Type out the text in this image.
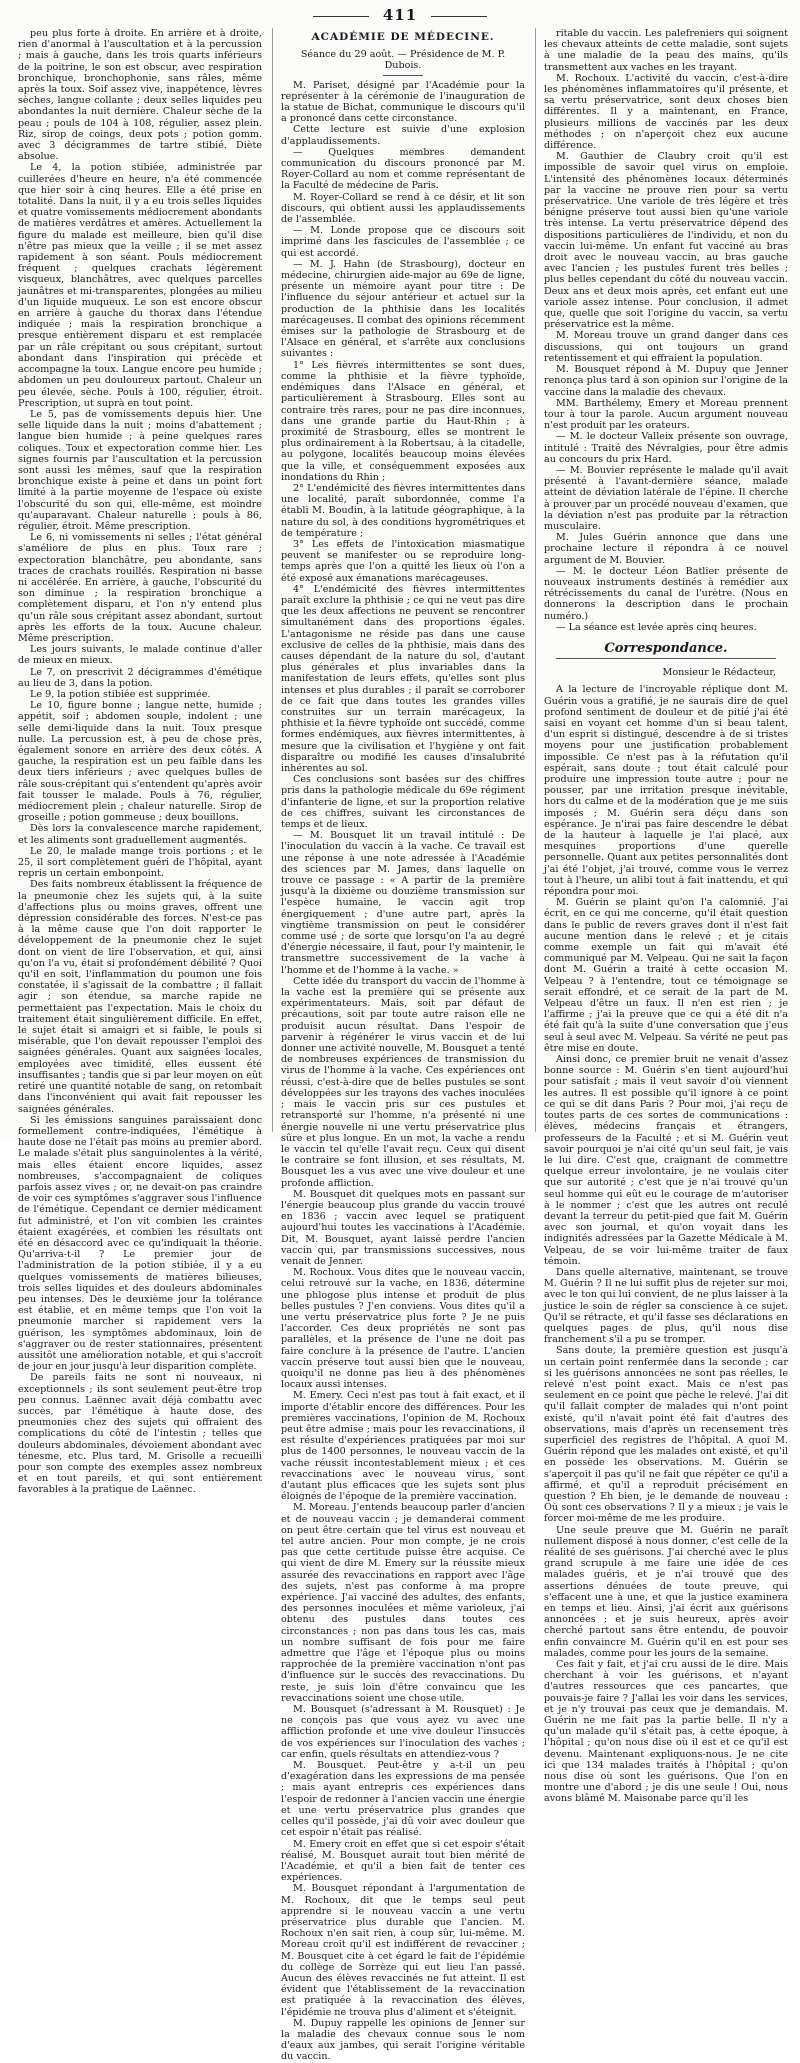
411

peu plus forte à droite. En arrière et à droite, rien d'anormal à l'auscultation et à la percussion ; mais à gauche, dans les trois quarts inférieurs de la poitrine, le son est obscur, avec respiration bronchique, bronchophonie, sans râles, même après la toux. Soif assez vive, inappétence, lèvres sèches, langue collante ; deux selles liquides peu abondantes la nuit dernière. Chaleur sèche de la peau ; pouls de 104 à 108, régulier, assez plein. Riz, sirop de coings, deux pots ; potion gomm. avec 3 décigrammes de tartre stibié. Diète absolue.

Le 4, la potion stibiée, administrée par cuillerées d'heure en heure, n'a été commencée que hier soir à cinq heures. Elle a été prise en totalité. Dans la nuit, il y a eu trois selles liquides et quatre vomissements médiocrement abondants de matières verdâtres et amères. Actuellement la figure du malade est meilleure, bien qu'il dise n'être pas mieux que la veille ; il se met assez rapidement à son séant. Pouls médiocrement fréquent ; quelques crachats légèrement visqueux, blanchâtres, avec quelques parcelles jaunâtres et mi-transparentes, plongées au milieu d'un liquide muqueux. Le son est encore obscur en arrière à gauche du thorax dans l'étendue indiquée ; mais la respiration bronchique a presque entièrement disparu et est remplacée par un râle crépitant ou sous crépitant, surtout abondant dans l'inspiration qui précède et accompagne la toux. Langue encore peu humide ; abdomen un peu douloureux partout. Chaleur un peu élevée, sèche. Pouls à 100, régulier, étroit. Prescription, ut suprà en tout point.

Le 5, pas de vomissements depuis hier. Une selle liquide dans la nuit ; moins d'abattement ; langue bien humide ; à peine quelques rares coliques. Toux et expectoration comme hier. Les signes fournis par l'auscultation et la percussion sont aussi les mêmes, sauf que la respiration bronchique existe à peine et dans un point fort limité à la partie moyenne de l'espace où existe l'obscurité du son qui, elle-même, est moindre qu'auparavant. Chaleur naturelle ; pouls à 86, régulier, étroit. Même prescription.

Le 6, ni vomissements ni selles ; l'état général s'améliore de plus en plus. Toux rare ; expectoration blanchâtre, peu abondante, sans traces de crachats rouillés. Respiration ni basse ni accélérée. En arrière, à gauche, l'obscurité du son diminue ; la respiration bronchique a complètement disparu, et l'on n'y entend plus qu'un râle sous crépitant assez abondant, surtout après les efforts de la toux. Aucune chaleur. Même prescription.

Les jours suivants, le malade continue d'aller de mieux en mieux.

Le 7, on prescrivit 2 décigrammes d'émétique au lieu de 3, dans la potion.

Le 9, la potion stibiée est supprimée.

Le 10, figure bonne ; langue nette, humide ; appétit, soif ; abdomen souple, indolent ; une selle demi-liquide dans la nuit. Toux presque nulle. La percussion est, à peu de chose près, également sonore en arrière des deux côtés. A gauche, la respiration est un peu faible dans les deux tiers inférieurs ; avec quelques bulles de râle sous-crépitant qui s'entendent qu'après avoir fait tousser le malade. Pouls à 76, régulier, médiocrement plein ; chaleur naturelle. Sirop de groseille ; potion gommeuse ; deux bouillons.

Dès lors la convalescence marche rapidement, et les aliments sont graduellement augmentés.

Le 20, le malade mange trois portions ; et le 25, il sort complètement guéri de l'hôpital, ayant repris un certain embonpoint.

Des faits nombreux établissent la fréquence de la pneumonie chez les sujets qui, à la suite d'affections plus ou moins graves, offrent une dépression considérable des forces. N'est-ce pas à la même cause que l'on doit rapporter le développement de la pneumonie chez le sujet dont on vient de lire l'observation, et qui, ainsi qu'on l'a vu, était si profondément débilité ? Quoi qu'il en soit, l'inflammation du poumon une fois constatée, il s'agissait de la combattre ; il fallait agir ; son étendue, sa marche rapide ne permettaient pas l'expectation. Mais le choix du traitement était singulièrement difficile. En effet, le sujet était si amaigri et si faible, le pouls si misérable, que l'on devait repousser l'emploi des saignées générales. Quant aux saignées locales, employées avec timidité, elles eussent été insuffisantes ; tandis que si par leur moyen on eût retiré une quantité notable de sang, on retombait dans l'inconvénient qui avait fait repousser les saignées générales.

Si les émissions sanguines paraissaient donc formellement contre-indiquées, l'émétique à haute dose ne l'était pas moins au premier abord. Le malade s'était plus sanguinolentes à la vérité, mais elles étaient encore liquides, assez nombreuses, s'accompagnaient de coliques parfois assez vives ; or, ne devait-on pas craindre de voir ces symptômes s'aggraver sous l'influence de l'émétique. Cependant ce dernier médicament fut administré, et l'on vit combien les craintes étaient exagérées, et combien les résultats ont été en désaccord avec ce qu'indiquait la théorie. Qu'arriva-t-il ? Le premier jour de l'administration de la potion stibiée, il y a eu quelques vomissements de matières bilieuses, trois selles liquides et des douleurs abdominales peu intenses. Dès le deuxième jour la tolérance est établie, et en même temps que l'on voit la pneumonie marcher si rapidement vers la guérison, les symptômes abdominaux, loin de s'aggraver ou de rester stationnaires, présentent aussitôt une amélioration notable, et qui s'accroît de jour en jour jusqu'à leur disparition complète.

De pareils faits ne sont ni nouveaux, ni exceptionnels ; ils sont seulement peut-être trop peu connus. Laënnec avait déjà combattu avec succès, par l'émétique à haute dose, des pneumonies chez des sujets qui offraient des complications du côté de l'intestin ; telles que douleurs abdominales, dévoiement abondant avec ténesme, etc. Plus tard, M. Grisolle a recueilli pour son compte des exemples assez nombreux et en tout pareils, et qui sont entièrement favorables à la pratique de Laënnec.

ACADÉMIE DE MÉDECINE.
Séance du 29 août. — Présidence de M. P. Dubois.

M. Pariset, désigné par l'Académie pour la représenter à la cérémonie de l'inauguration de la statue de Bichat, communique le discours qu'il a prononcé dans cette circonstance.

Cette lecture est suivie d'une explosion d'applaudissements.

— Quelques membres demandent communication du discours prononcé par M. Royer-Collard au nom et comme représentant de la Faculté de médecine de Paris.

M. Royer-Collard se rend à ce désir, et lit son discours, qui obtient aussi les applaudissements de l'assemblée.

— M. Londe propose que ce discours soit imprimé dans les fascicules de l'assemblée ; ce qui est accordé.

— M. J. Hahn (de Strasbourg), docteur en médecine, chirurgien aide-major au 69e de ligne, présente un mémoire ayant pour titre : De l'influence du séjour antérieur et actuel sur la production de la phthisie dans les localités marécageuses. Il combat des opinions récemment émises sur la pathologie de Strasbourg et de l'Alsace en général, et s'arrête aux conclusions suivantes :

1° Les fièvres intermittentes se sont dues, comme la phthisie et la fièvre typhoïde, endémiques dans l'Alsace en général, et particulièrement à Strasbourg. Elles sont au contraire très rares, pour ne pas dire inconnues, dans une grande partie du Haut-Rhin ; à proximité de Strasbourg, elles se montrent le plus ordinairement à la Robertsau, à la citadelle, au polygone, localités beaucoup moins élevées que la ville, et conséquemment exposées aux inondations du Rhin ;

2° L'endémicité des fièvres intermittentes dans une localité, paraît subordonnée, comme l'a établi M. Boudin, à la latitude géographique, à la nature du sol, à des conditions hygrométriques et de température ;

3° Les effets de l'intoxication miasmatique peuvent se manifester ou se reproduire long-temps après que l'on a quitté les lieux où l'on a été exposé aux émanations marécageuses.

4° L'endémicité des fièvres intermittentes paraît exclure la phthisie ; ce qui ne veut pas dire que les deux affections ne peuvent se rencontrer simultanément dans des proportions égales. L'antagonisme ne réside pas dans une cause exclusive de celles de la phthisie, mais dans des causes dépendant de la nature du sol, d'autant plus générales et plus invariables dans la manifestation de leurs effets, qu'elles sont plus intenses et plus durables ; il paraît se corroborer de ce fait que dans toutes les grandes villes construites sur un terrain marécageux, la phthisie et la fièvre typhoïde ont succédé, comme formes endémiques, aux fièvres intermittentes, à mesure que la civilisation et l'hygiène y ont fait disparaître ou modifié les causes d'insalubrité inhérentes au sol.

Ces conclusions sont basées sur des chiffres pris dans la pathologie médicale du 69e régiment d'infanterie de ligne, et sur la proportion relative de ces chiffres, suivant les circonstances de temps et de lieux.

— M. Bousquet lit un travail intitulé : De l'inoculation du vaccin à la vache. Ce travail est une réponse à une note adressée à l'Académie des sciences par M. James, dans laquelle on trouve ce passage : « A partir de la première jusqu'à la dixième ou douzième transmission sur l'espèce humaine, le vaccin agit trop énergiquement ; d'une autre part, après la vingtième transmission on peut le considérer comme usé ; de sorte que lorsqu'on l'a au degré d'énergie nécessaire, il faut, pour l'y maintenir, le transmettre successivement de la vache à l'homme et de l'homme à la vache. »

Cette idée du transport du vaccin de l'homme à la vache est la première qui se présente aux expérimentateurs. Mais, soit par défaut de précautions, soit par toute autre raison elle ne produisit aucun résultat. Dans l'espoir de parvenir à régénérer le virus vaccin et de lui donner une activité nouvelle, M. Bousquet a tenté de nombreuses expériences de transmission du virus de l'homme à la vache. Ces expériences ont réussi, c'est-à-dire que de belles pustules se sont développées sur les trayons des vaches inoculées ; mais le vaccin pris sur ces pustules et retransporté sur l'homme, n'a présenté ni une énergie nouvelle ni une vertu préservatrice plus sûre et plus longue. En un mot, la vache a rendu le vaccin tel qu'elle l'avait reçu. Ceux qui disent le contraire se font illusion, et ses résultats, M. Bousquet les a vus avec une vive douleur et une profonde affliction.

M. Bousquet dit quelques mots en passant sur l'énergie beaucoup plus grande du vaccin trouvé en 1836 ; vaccin avec lequel se pratiquent aujourd'hui toutes les vaccinations à l'Académie. Dit, M. Bousquet, ayant laissé perdre l'ancien vaccin qui, par transmissions successives, nous venait de Jenner.

M. Rochoux. Vous dites que le nouveau vaccin, celui retrouvé sur la vache, en 1836, détermine une phlogose plus intense et produit de plus belles pustules ? J'en conviens. Vous dites qu'il a une vertu préservatrice plus forte ? Je ne puis l'accorder. Ces deux propriétés ne sont pas parallèles, et la présence de l'une ne doit pas faire conclure à la présence de l'autre. L'ancien vaccin préserve tout aussi bien que le nouveau, quoiqu'il ne donne pas lieu à des phénomènes locaux aussi intenses.

M. Emery. Ceci n'est pas tout à fait exact, et il importe d'établir encore des différences. Pour les premières vaccinations, l'opinion de M. Rochoux peut être admise ; mais pour les revaccinations, il est résulte d'expériences pratiquées par moi sur plus de 1400 personnes, le nouveau vaccin de la vache réussit incontestablement mieux ; et ces revaccinations avec le nouveau virus, sont d'autant plus efficaces que les sujets sont plus éloignés de l'époque de la première vaccination.

M. Moreau. J'entends beaucoup parler d'ancien et de nouveau vaccin ; je demanderai comment on peut être certain que tel virus est nouveau et tel autre ancien. Pour mon compte, je ne crois pas que cette certitude puisse être acquise. Ce qui vient de dire M. Emery sur la réussite mieux assurée des revaccinations en rapport avec l'âge des sujets, n'est pas conforme à ma propre expérience. J'ai vacciné des adultes, des enfants, des personnes inoculées et même varioleux, j'ai obtenu des pustules dans toutes ces circonstances ; non pas dans tous les cas, mais un nombre suffisant de fois pour me faire admettre que l'âge et l'époque plus ou moins rapprochée de la première vaccination n'ont pas d'influence sur le succès des revaccinations. Du reste, je suis loin d'être convaincu que les revaccinations soient une chose utile.

M. Bousquet (s'adressant à M. Rousquet) : Je ne conçois pas que vous ayez vu avec une affliction profonde et une vive douleur l'insuccès de vos expériences sur l'inoculation des vaches ; car enfin, quels résultats en attendiez-vous ?

M. Bousquet. Peut-être y a-t-il un peu d'exagération dans les expressions de ma pensée ; mais ayant entrepris ces expériences dans l'espoir de redonner à l'ancien vaccin une énergie et une vertu préservatrice plus grandes que celles qu'il possède, j'ai dû voir avec douleur que cet espoir n'était pas réalisé.

M. Emery croit en effet que si cet espoir s'était réalisé, M. Bousquet aurait tout bien mérité de l'Académie, et qu'il a bien fait de tenter ces expériences.

M. Bousquet répondant à l'argumentation de M. Rochoux, dit que le temps seul peut apprendre si le nouveau vaccin a une vertu préservatrice plus durable que l'ancien. M. Rochoux n'en sait rien, à coup sûr, lui-même. M. Moreau croit qu'il est indifférent de revacciner ; M. Bousquet cite à cet égard le fait de l'épidémie du collège de Sorrèze qui eut lieu l'an passé. Aucun des élèves revaccinés ne fut atteint. Il est évident que l'établissement de la revaccination est pratiquée à la revaccination des élèves, l'épidémie ne trouva plus d'aliment et s'éteignit.

M. Dupuy rappelle les opinions de Jenner sur la maladie des chevaux connue sous le nom d'eaux aux jambes, qui serait l'origine véritable du vaccin.

ritable du vaccin. Les palefreniers qui soignent les chevaux atteints de cette maladie, sont sujets à une maladie de la peau des mains, qu'ils transmettent aux vaches en les trayant.

M. Rochoux. L'activité du vaccin, c'est-à-dire les phénomènes inflammatoires qu'il présente, et sa vertu préservatrice, sont deux choses bien différentes. Il y a maintenant, en France, plusieurs millions de vaccinés par les deux méthodes ; on n'aperçoit chez eux aucune différence.

M. Gauthier de Claubry croit qu'il est impossible de savoir quel virus on emploie. L'intensité des phénomènes locaux déterminés par la vaccine ne prouve rien pour sa vertu préservatrice. Une variole de très légère et très bénigne préserve tout aussi bien qu'une variole très intense. La vertu préservatrice dépend des dispositions particulières de l'individu, et non du vaccin lui-même. Un enfant fut vacciné au bras droit avec le nouveau vaccin, au bras gauche avec l'ancien ; les pustules furent très belles ; plus belles cependant du côté du nouveau vaccin. Deux ans et deux mois après, cet enfant eut une variole assez intense. Pour conclusion, il admet que, quelle que soit l'origine du vaccin, sa vertu préservatrice est la même.

M. Moreau trouve un grand danger dans ces discussions, qui ont toujours un grand retentissement et qui effraient la population.

M. Bousquet répond à M. Dupuy que Jenner renonça plus tard à son opinion sur l'origine de la vaccine dans la maladie des chevaux.

MM. Barthélemy, Emery et Moreau prennent tour à tour la parole. Aucun argument nouveau n'est produit par les orateurs.

— M. le docteur Valleix présente son ouvrage, intitulé : Traité des Névralgies, pour être admis au concours du prix Hard.

— M. Bouvier représente le malade qu'il avait présenté à l'avant-dernière séance, malade atteint de déviation latérale de l'épine. Il cherche à prouver par un procédé nouveau d'examen, que la déviation n'est pas produite par la rétraction musculaire.

M. Jules Guérin annonce que dans une prochaine lecture il répondra à ce nouvel argument de M. Bouvier.

— M. le docteur Léon Batlier présente de nouveaux instruments destinés à remédier aux rétrécissements du canal de l'urètre. (Nous en donnerons la description dans le prochain numéro.)

— La séance est levée après cinq heures.

Correspondance.
Monsieur le Rédacteur,

A la lecture de l'incroyable réplique dont M. Guérin vous a gratifié, je ne saurais dire de quel profond sentiment de douleur et de pitié j'ai été saisi en voyant cet homme d'un si beau talent, d'un esprit si distingué, descendre à de si tristes moyens pour une justification probablement impossible. Ce n'est pas à la réfutation qu'il espérait, sans doute ; tout était calculé pour produire une impression toute autre ; pour ne pousser, par une irritation presque inévitable, hors du calme et de la modération que je me suis imposés ; M. Guérin sera déçu dans son espérance. Je n'irai pas faire descendre le débat de la hauteur à laquelle je l'ai placé, aux mesquines proportions d'une querelle personnelle. Quant aux petites personnalités dont j'ai été l'objet, j'ai trouvé, comme vous le verrez tout à l'heure, un alibi tout à fait inattendu, et qui répondra pour moi.

M. Guérin se plaint qu'on l'a calomnié. J'ai écrit, en ce qui me concerne, qu'il était question dans le public de revers graves dont il n'est fait aucune mention dans le relevé ; et je citais comme exemple un fait qui m'avait été communiqué par M. Velpeau. Qui ne sait la façon dont M. Guérin a traité à cette occasion M. Velpeau ? à l'entendre, tout ce témoignage se serait effondré, et ce serait de la part de M. Velpeau d'être un faux. Il n'en est rien ; je l'affirme ; j'ai la preuve que ce qui a été dit n'a été fait qu'à la suite d'une conversation que j'eus seul à seul avec M. Velpeau. Sa vérité ne peut pas être mise en doute.

Ainsi donc, ce premier bruit ne venait d'assez bonne source : M. Guérin s'en tient aujourd'hui pour satisfait ; mais il veut savoir d'où viennent les autres. Il est possible qu'il ignore à ce point ce qui se dit dans Paris ? Pour moi, j'ai reçu de toutes parts de ces sortes de communications : élèves, médecins français et étrangers, professeurs de la Faculté ; et si M. Guérin veut savoir pourquoi je n'ai cité qu'un seul fait, je vais le lui dire. C'est que, craignant de commettre quelque erreur involontaire, je ne voulais citer que sur autorité ; c'est que je n'ai trouvé qu'un seul homme qui eût eu le courage de m'autoriser à le nommer ; c'est que les autres ont reculé devant la terreur du petit-pied que fait M. Guérin avec son journal, et qu'on voyait dans les indignités adressées par la Gazette Médicale à M. Velpeau, de se voir lui-même traiter de faux témoin.

Dans quelle alternative, maintenant, se trouve M. Guérin ? Il ne lui suffit plus de rejeter sur moi, avec le ton qui lui convient, de ne plus laisser à la justice le soin de régler sa conscience à ce sujet. Qu'il se rétracte, et qu'il fasse ses déclarations en quelques pages de plus, qu'il nous dise franchement s'il a pu se tromper.

Sans doute, la première question est jusqu'à un certain point renfermée dans la seconde ; car si les guérisons annoncées ne sont pas réelles, le relevé n'est point exact. Mais ce n'est pas seulement en ce point que pèche le relevé. J'ai dit qu'il fallait compter de malades qui n'ont point existé, qu'il n'avait point été fait d'autres des observations, mais d'après un recensement très superficiel des registres de l'hôpital. A quoi M. Guérin répond que les malades ont existé, et qu'il en possède les observations. M. Guérin se s'aperçoit il pas qu'il ne fait que répéter ce qu'il a affirmé, et qu'il a reproduit précisément en question ? Eh bien, je le demande de nouveau : Où sont ces observations ? Il y a mieux ; je vais le forcer moi-même de me les produire.

Une seule preuve que M. Guérin ne paraît nullement disposé à nous donner, c'est celle de la réalité de ses guérisons. J'ai cherché avec le plus grand scrupule à me faire une idée de ces malades guéris, et je n'ai trouvé que des assertions dénuées de toute preuve, qui s'effacent une à une, et que la justice examinera en temps et lieu. Ainsi, j'ai écrit aux guérisons annoncées ; et je suis heureux, après avoir cherché partout sans être entendu, de pouvoir enfin convaincre M. Guérin qu'il en est pour ses malades, comme pour les jours de la semaine.

Ces fait y fait, et j'ai cru aussi de le dire. Mais cherchant à voir les guérisons, et n'ayant d'autres ressources que ces pancartes, que pouvais-je faire ? J'allai les voir dans les services, et je n'y trouvai pas ceux que je demandais. M. Guérin ne me fait pas la partie belle. Il n'y a qu'un malade qu'il s'était pas, à cette époque, à l'hôpital ; qu'on nous dise où il est et ce qu'il est devenu. Maintenant expliquons-nous. Je ne cite ici que 134 malades traités à l'hôpital ; qu'on nous dise où sont les guérisons. Que l'on en montre une d'abord ; je dis une seule ! Oui, nous avons blâmé M. Maisonabe parce qu'il les
